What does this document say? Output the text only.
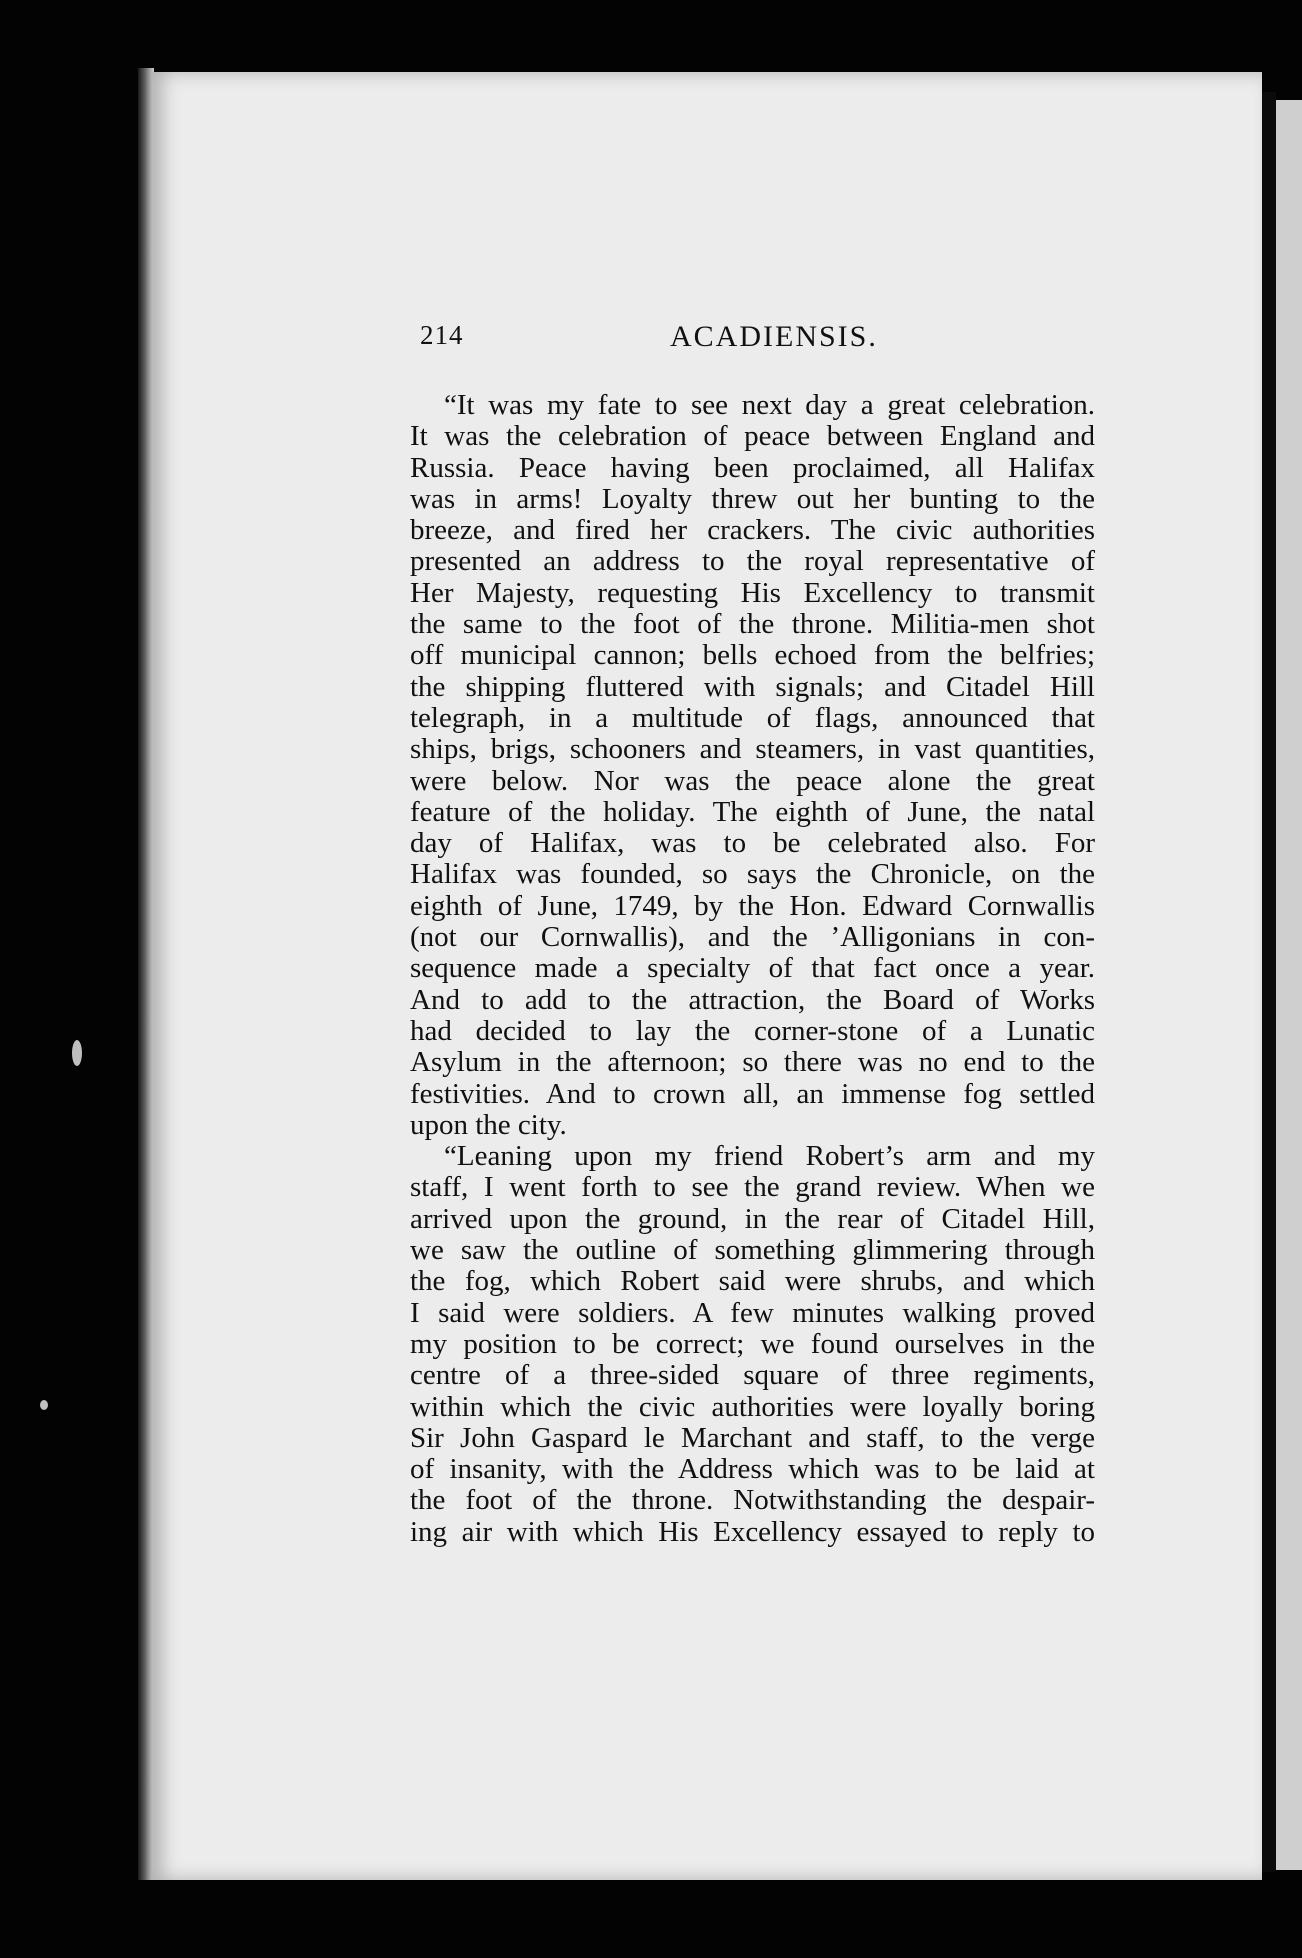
214	ACADIENSIS.
“It was my fate to see next day a great celebration.
It was the celebration of peace between England and
Russia. Peace having been proclaimed, all Halifax
was in arms! Loyalty threw out her bunting to the
breeze, and fired her crackers. The civic authorities
presented an address to the royal representative of
Her Majesty, requesting His Excellency to transmit
the same to the foot of the throne. Militia-men shot
off municipal cannon; bells echoed from the belfries;
the shipping fluttered with signals; and Citadel Hill
telegraph, in a multitude of flags, announced that
ships, brigs, schooners and steamers, in vast quantities,
were below. Nor was the peace alone the great
feature of the holiday. The eighth of June, the natal
day of Halifax, was to be celebrated also. For
Halifax was founded, so says the Chronicle, on the
eighth of June, 1749, by the Hon. Edward Cornwallis
(not our Cornwallis), and the ’Alligonians in con-
sequence made a specialty of that fact once a year.
And to add to the attraction, the Board of Works
had decided to lay the corner-stone of a Lunatic
Asylum in the afternoon; so there was no end to the
festivities. And to crown all, an immense fog settled
upon the city.
“Leaning upon my friend Robert’s arm and my
staff, I went forth to see the grand review. When we
arrived upon the ground, in the rear of Citadel Hill,
we saw the outline of something glimmering through
the fog, which Robert said were shrubs, and which
I said were soldiers. A few minutes walking proved
my position to be correct; we found ourselves in the
centre of a three-sided square of three regiments,
within which the civic authorities were loyally boring
Sir John Gaspard le Marchant and staff, to the verge
of insanity, with the Address which was to be laid at
the foot of the throne. Notwithstanding the despair-
ing air with which His Excellency essayed to reply to
